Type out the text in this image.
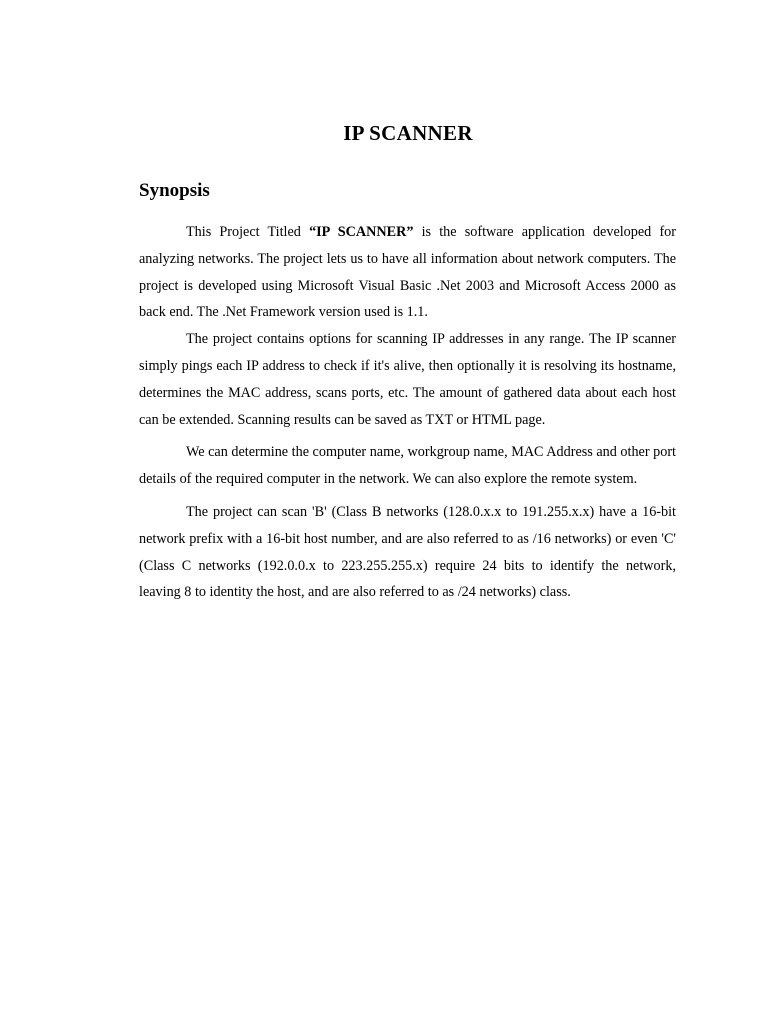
IP SCANNER
Synopsis

This Project Titled “IP SCANNER” is the software application developed for analyzing networks. The project lets us to have all information about network computers. The project is developed using Microsoft Visual Basic .Net 2003 and Microsoft Access 2000 as back end. The .Net Framework version used is 1.1.

The project contains options for scanning IP addresses in any range. The IP scanner simply pings each IP address to check if it's alive, then optionally it is resolving its hostname, determines the MAC address, scans ports, etc. The amount of gathered data about each host can be extended. Scanning results can be saved as TXT or HTML page.

We can determine the computer name, workgroup name, MAC Address and other port details of the required computer in the network. We can also explore the remote system.

The project can scan 'B' (Class B networks (128.0.x.x to 191.255.x.x) have a 16-bit network prefix with a 16-bit host number, and are also referred to as /16 networks) or even 'C' (Class C networks (192.0.0.x to 223.255.255.x) require 24 bits to identify the network, leaving 8 to identity the host, and are also referred to as /24 networks) class.
